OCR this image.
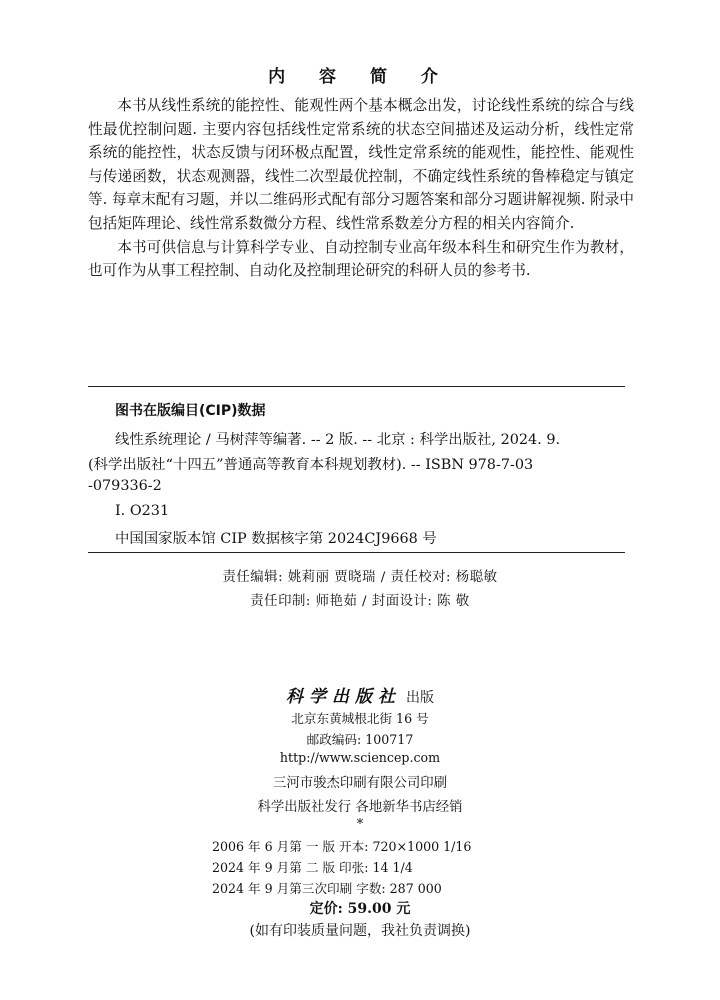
内 容 简 介

本书从线性系统的能控性、能观性两个基本概念出发，讨论线性系统的综合与线性最优控制问题. 主要内容包括线性定常系统的状态空间描述及运动分析，线性定常系统的能控性，状态反馈与闭环极点配置，线性定常系统的能观性，能控性、能观性与传递函数，状态观测器，线性二次型最优控制，不确定线性系统的鲁棒稳定与镇定等. 每章末配有习题，并以二维码形式配有部分习题答案和部分习题讲解视频. 附录中包括矩阵理论、线性常系数微分方程、线性常系数差分方程的相关内容简介.

本书可供信息与计算科学专业、自动控制专业高年级本科生和研究生作为教材，也可作为从事工程控制、自动化及控制理论研究的科研人员的参考书.

图书在版编目(CIP)数据
线性系统理论 / 马树萍等编著. -- 2 版. -- 北京 : 科学出版社, 2024. 9.
(科学出版社“十四五”普通高等教育本科规划教材). -- ISBN 978-7-03
-079336-2
Ⅰ. O231
中国国家版本馆 CIP 数据核字第 2024CJ9668 号
责任编辑: 姚莉丽 贾晓瑞 / 责任校对: 杨聪敏
责任印制: 师艳茹 / 封面设计: 陈 敬
科学出版社 出版
北京东黄城根北街 16 号
邮政编码: 100717
http://www.sciencep.com
三河市骏杰印刷有限公司印刷
科学出版社发行 各地新华书店经销
*
2006 年 6 月第 一 版 开本: 720×1000 1/16
2024 年 9 月第 二 版 印张: 14 1/4
2024 年 9 月第三次印刷 字数: 287 000
定价: 59.00 元
(如有印装质量问题，我社负责调换)
